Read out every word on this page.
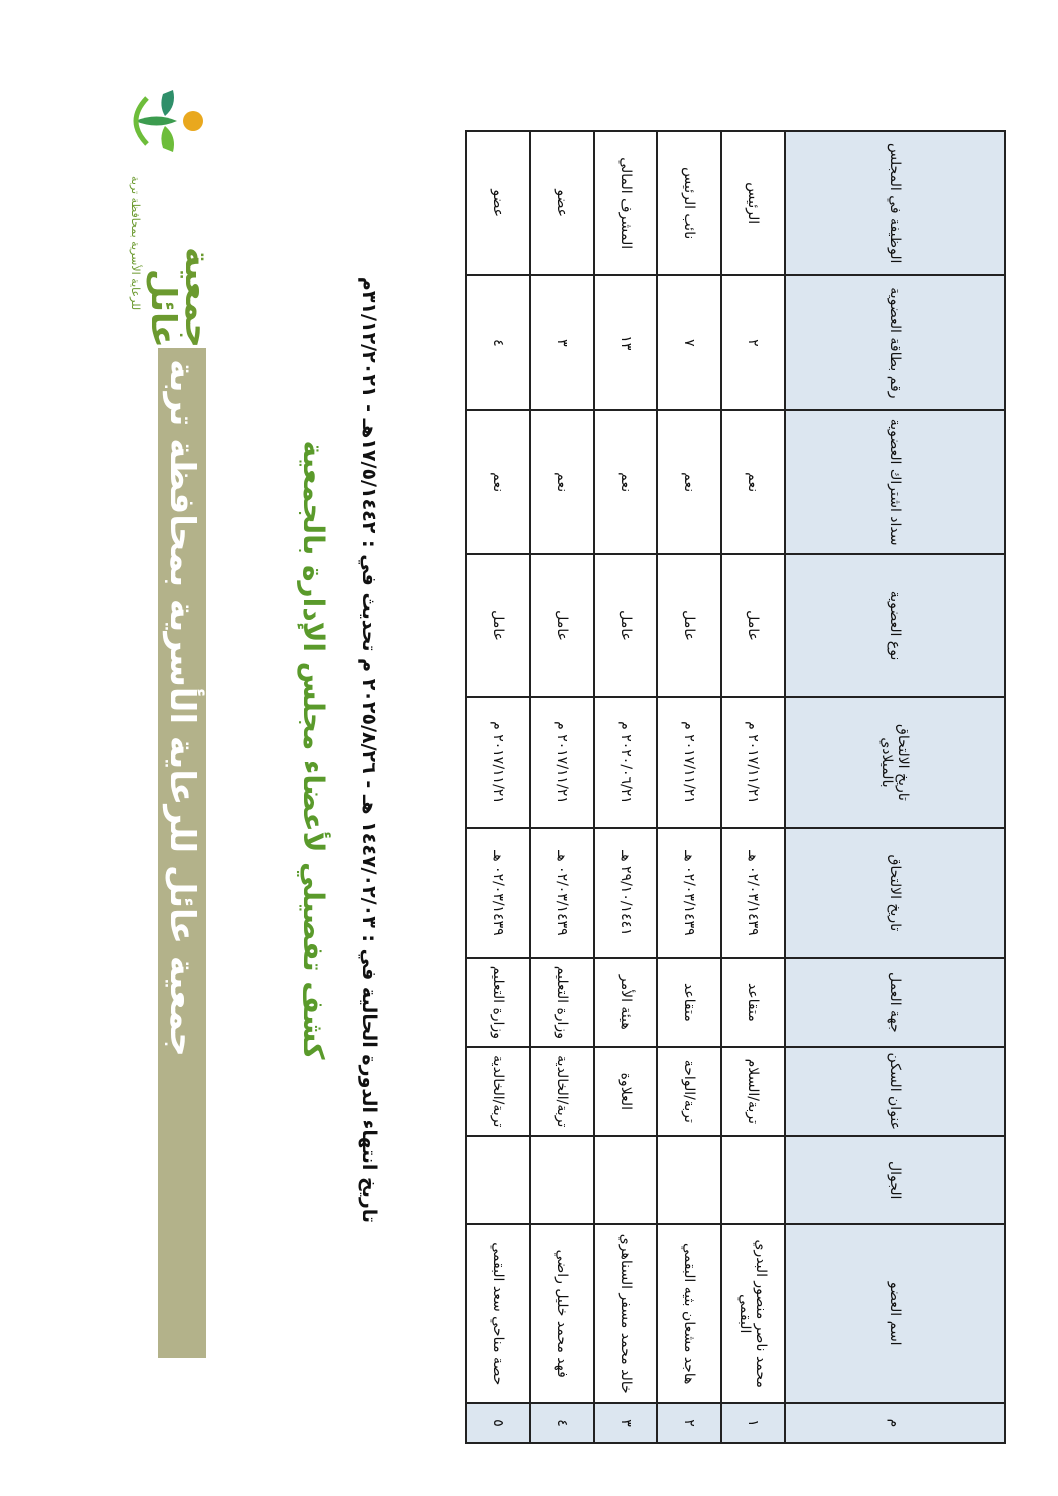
جمعية عائل للرعاية الأسرية بمحافظة تربة
جمعية عائل
للرعاية الأسرية بمحافظة تربة
كشف تفصيلي لأعضاء مجلس الإدارة بالجمعية
تاريخ انتهاء الدورة الحالية في : ١٤٤٧/٠٢/٠٣ هـ - ٢٠٢٥/٨/٢٦ م تحديث في : ١٧/٥/١٤٤٢هـ - ٣١/١٢/٢٠٢١م
م	اسم العضو	الجوال	عنوان السكن	جهة العمل	تاريخ الالتحاق	تاريخ الالتحاق بالميلادي	نوع العضوية	سداد اشتراك العضوية	رقم بطاقة العضوية	الوظيفة في المجلس
١	محمد ناصر منصور البدري البقمي		تربة/السلام	متقاعد	٠٢/٠٣/١٤٣٩ هـ	٢٠١٧/١١/٢١ م	عامل	نعم	٢	الرئيس
٢	هاجد مشعان بثيه البقمي		تربة/الواحة	متقاعد	٠٢/٠٣/١٤٣٩ هـ	٢٠١٧/١١/٢١ م	عامل	نعم	٧	نائب الرئيس
٣	خالد محمد مسفر السناهري		العلاوة	هيئة الأمر	٢٩/١٠/١٤٤١ هـ	٢٠٢٠/٠٦/٢١ م	عامل	نعم	١٣	المشرف المالي
٤	فهد محمد خليل راضي		تربة/الخالدية	وزارة التعليم	٠٢/٠٣/١٤٣٩ هـ	٢٠١٧/١١/٢١ م	عامل	نعم	٣	عضو
٥	حصة مناحي سعد البقمي		تربة/الخالدية	وزارة التعليم	٠٢/٠٣/١٤٣٩ هـ	٢٠١٧/١١/٢١ م	عامل	نعم	٤	عضو
